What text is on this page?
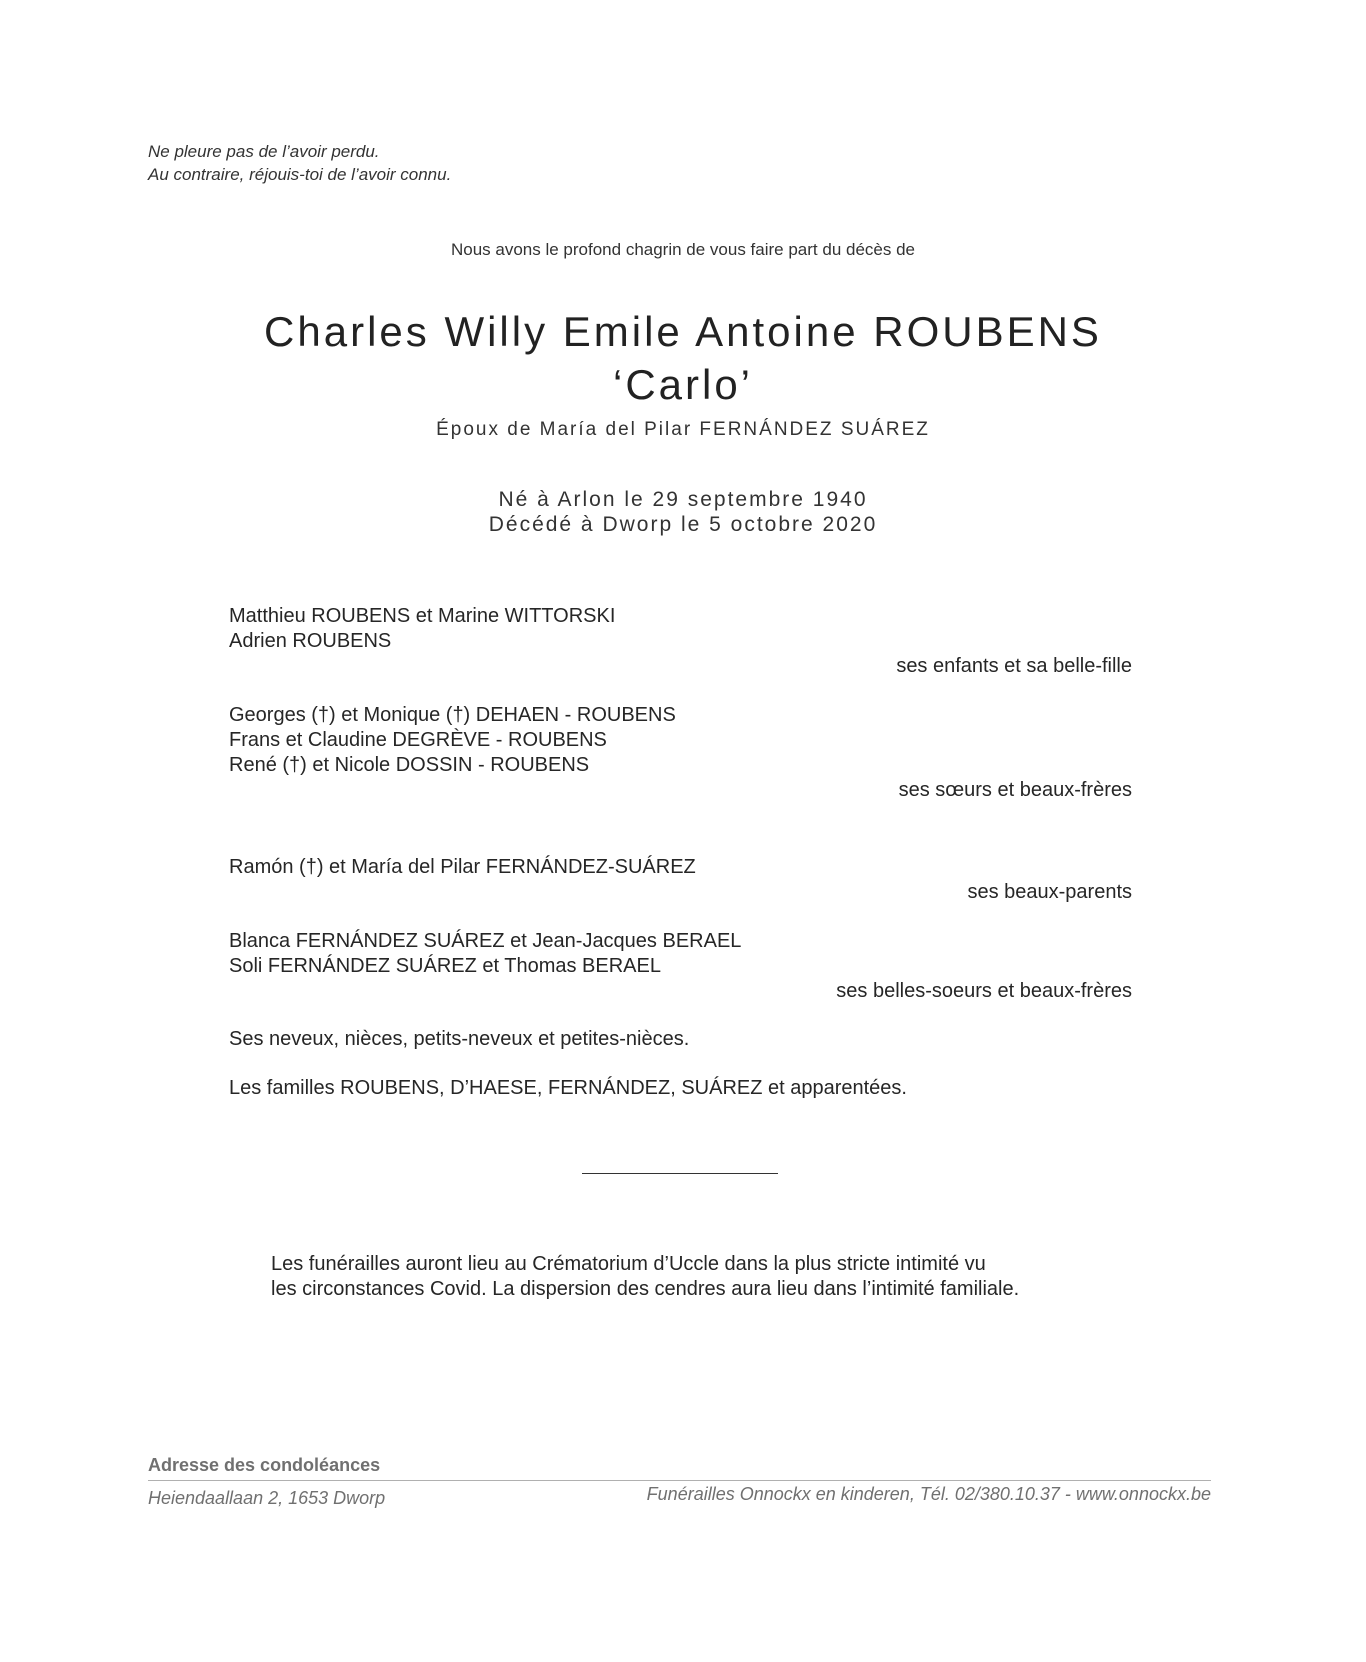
Ne pleure pas de l’avoir perdu.
Au contraire, réjouis-toi de l’avoir connu.
Nous avons le profond chagrin de vous faire part du décès de
Charles Willy Emile Antoine ROUBENS
‘Carlo’
Époux de María del Pilar FERNÁNDEZ SUÁREZ
Né à Arlon le 29 septembre 1940
Décédé à Dworp le 5 octobre 2020
Matthieu ROUBENS et Marine WITTORSKI
Adrien ROUBENS
ses enfants et sa belle-fille
Georges (†) et Monique (†) DEHAEN - ROUBENS
Frans et Claudine DEGRÈVE - ROUBENS
René (†) et Nicole DOSSIN - ROUBENS
ses sœurs et beaux-frères
Ramón (†) et María del Pilar FERNÁNDEZ-SUÁREZ
ses beaux-parents
Blanca FERNÁNDEZ SUÁREZ et Jean-Jacques BERAEL
Soli FERNÁNDEZ SUÁREZ et Thomas BERAEL
ses belles-soeurs et beaux-frères
Ses neveux, nièces, petits-neveux et petites-nièces.
Les familles ROUBENS, D’HAESE, FERNÁNDEZ, SUÁREZ et apparentées.
Les funérailles auront lieu au Crématorium d’Uccle dans la plus stricte intimité vu
les circonstances Covid. La dispersion des cendres aura lieu dans l’intimité familiale.
Adresse des condoléances
Heiendaallaan 2, 1653 Dworp	Funérailles Onnockx en kinderen, Tél. 02/380.10.37 - www.onnockx.be
